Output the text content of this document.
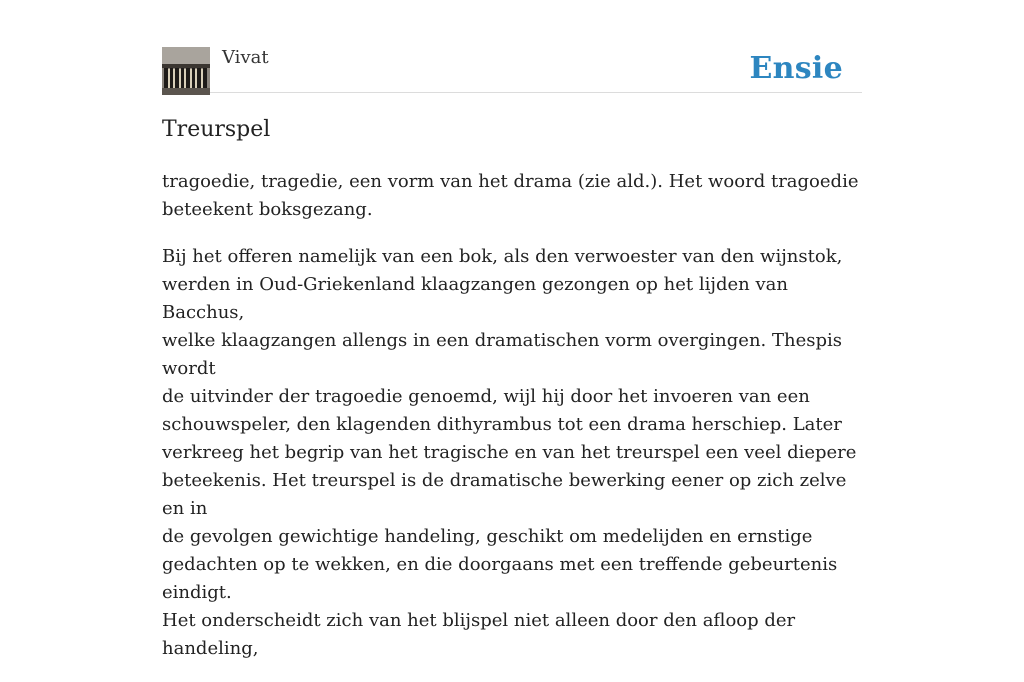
Vivat	Ensie
Treurspel

tragoedie, tragedie, een vorm van het drama (zie ald.). Het woord tragoedie
beteekent boksgezang.

Bij het offeren namelijk van een bok, als den verwoester van den wijnstok,
werden in Oud-Griekenland klaagzangen gezongen op het lijden van Bacchus,
welke klaagzangen allengs in een dramatischen vorm overgingen. Thespis wordt
de uitvinder der tragoedie genoemd, wijl hij door het invoeren van een
schouwspeler, den klagenden dithyrambus tot een drama herschiep. Later
verkreeg het begrip van het tragische en van het treurspel een veel diepere
beteekenis. Het treurspel is de dramatische bewerking eener op zich zelve en in
de gevolgen gewichtige handeling, geschikt om medelijden en ernstige
gedachten op te wekken, en die doorgaans met een treffende gebeurtenis eindigt.
Het onderscheidt zich van het blijspel niet alleen door den afloop der handeling,
